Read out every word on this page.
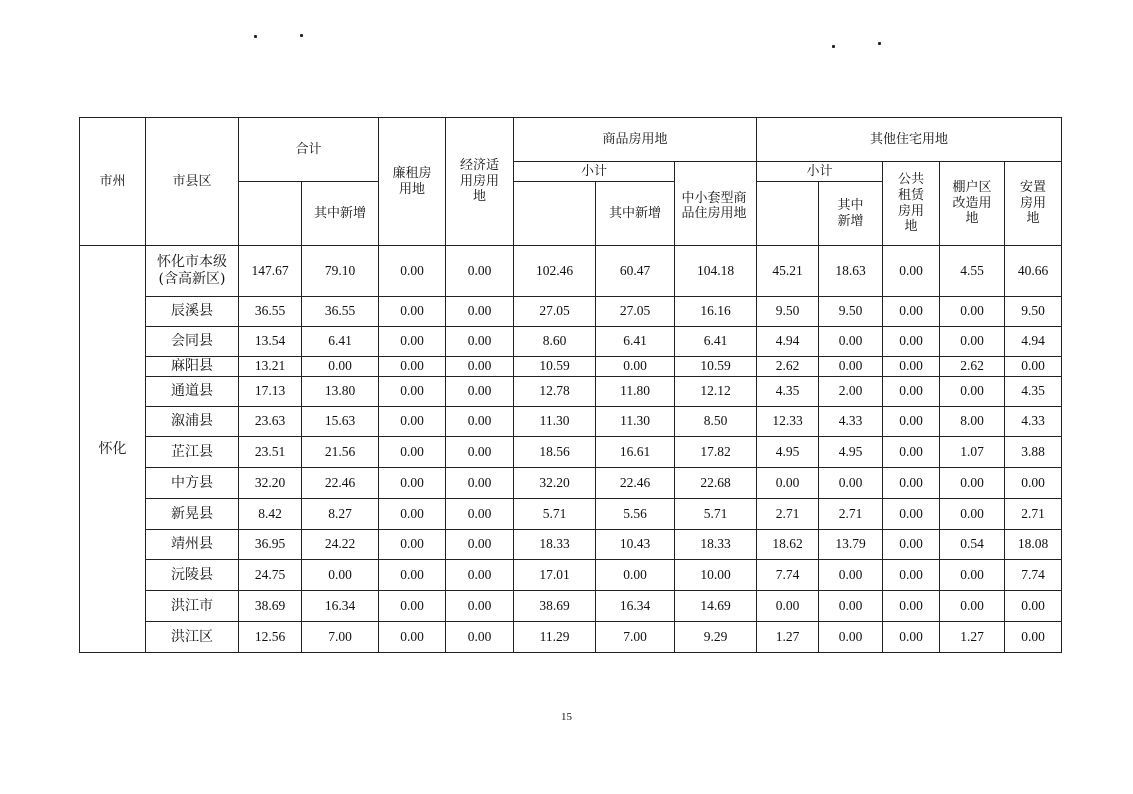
市州	市县区	合计		廉租房用地	经济适用房用地	商品房用地			其他住宅用地				
						小计		中小套型商品住房用地	小计		公共租赁房用地	棚户区改造用地	安置房用地

			其中新增				其中新增			其中新增			

怀化	怀化市本级(含高新区)	147.67	79.10	0.00	0.00	102.46	60.47	104.18	45.21	18.63	0.00	4.55	40.66
	辰溪县	36.55	36.55	0.00	0.00	27.05	27.05	16.16	9.50	9.50	0.00	0.00	9.50
	会同县	13.54	6.41	0.00	0.00	8.60	6.41	6.41	4.94	0.00	0.00	0.00	4.94
	麻阳县	13.21	0.00	0.00	0.00	10.59	0.00	10.59	2.62	0.00	0.00	2.62	0.00
	通道县	17.13	13.80	0.00	0.00	12.78	11.80	12.12	4.35	2.00	0.00	0.00	4.35
	溆浦县	23.63	15.63	0.00	0.00	11.30	11.30	8.50	12.33	4.33	0.00	8.00	4.33
	芷江县	23.51	21.56	0.00	0.00	18.56	16.61	17.82	4.95	4.95	0.00	1.07	3.88
	中方县	32.20	22.46	0.00	0.00	32.20	22.46	22.68	0.00	0.00	0.00	0.00	0.00
	新晃县	8.42	8.27	0.00	0.00	5.71	5.56	5.71	2.71	2.71	0.00	0.00	2.71
	靖州县	36.95	24.22	0.00	0.00	18.33	10.43	18.33	18.62	13.79	0.00	0.54	18.08
	沅陵县	24.75	0.00	0.00	0.00	17.01	0.00	10.00	7.74	0.00	0.00	0.00	7.74
	洪江市	38.69	16.34	0.00	0.00	38.69	16.34	14.69	0.00	0.00	0.00	0.00	0.00
	洪江区	12.56	7.00	0.00	0.00	11.29	7.00	9.29	1.27	0.00	0.00	1.27	0.00
15
